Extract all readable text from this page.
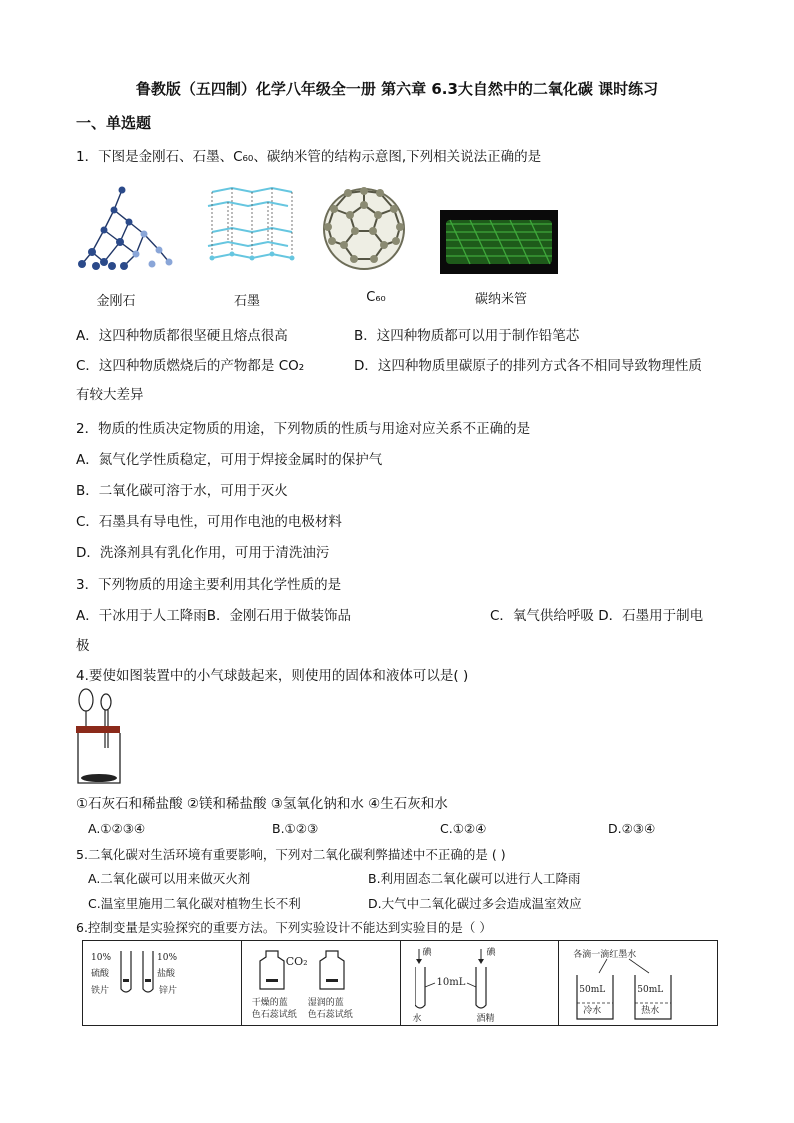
鲁教版（五四制）化学八年级全一册 第六章 6.3大自然中的二氧化碳 课时练习
一、单选题
1．下图是金刚石、石墨、C₆₀、碳纳米管的结构示意图,下列相关说法正确的是
金刚石	石墨	C₆₀	碳纳米管
A．这四种物质都很坚硬且熔点很高	B．这四种物质都可以用于制作铅笔芯
C．这四种物质燃烧后的产物都是 CO₂	D．这四种物质里碳原子的排列方式各不相同导致物理性质
有较大差异
2．物质的性质决定物质的用途，下列物质的性质与用途对应关系不正确的是
A．氮气化学性质稳定，可用于焊接金属时的保护气
B．二氧化碳可溶于水，可用于灭火
C．石墨具有导电性，可用作电池的电极材料
D．洗涤剂具有乳化作用，可用于清洗油污
3．下列物质的用途主要利用其化学性质的是
A．干冰用于人工降雨B．金刚石用于做装饰品	C．氧气供给呼吸 D．石墨用于制电
极
4.要使如图装置中的小气球鼓起来，则使用的固体和液体可以是( )
①石灰石和稀盐酸 ②镁和稀盐酸 ③氢氧化钠和水 ④生石灰和水
A.①②③④	B.①②③	C.①②④	D.②③④
5.二氧化碳对生活环境有重要影响，下列对二氧化碳利弊描述中不正确的是 ( )
A.二氧化碳可以用来做灭火剂	B.利用固态二氧化碳可以进行人工降雨
C.温室里施用二氧化碳对植物生长不利	D.大气中二氧化碳过多会造成温室效应
6.控制变量是实验探究的重要方法。下列实验设计不能达到实验目的是（ ）
10%
硫酸
铁片
10%
盐酸
锌片
CO₂
干燥的蓝
色石蕊试纸
湿润的蓝
色石蕊试纸
碘	碘
10mL
水	酒精
各滴一滴红墨水
50mL	50mL
冷水	热水
